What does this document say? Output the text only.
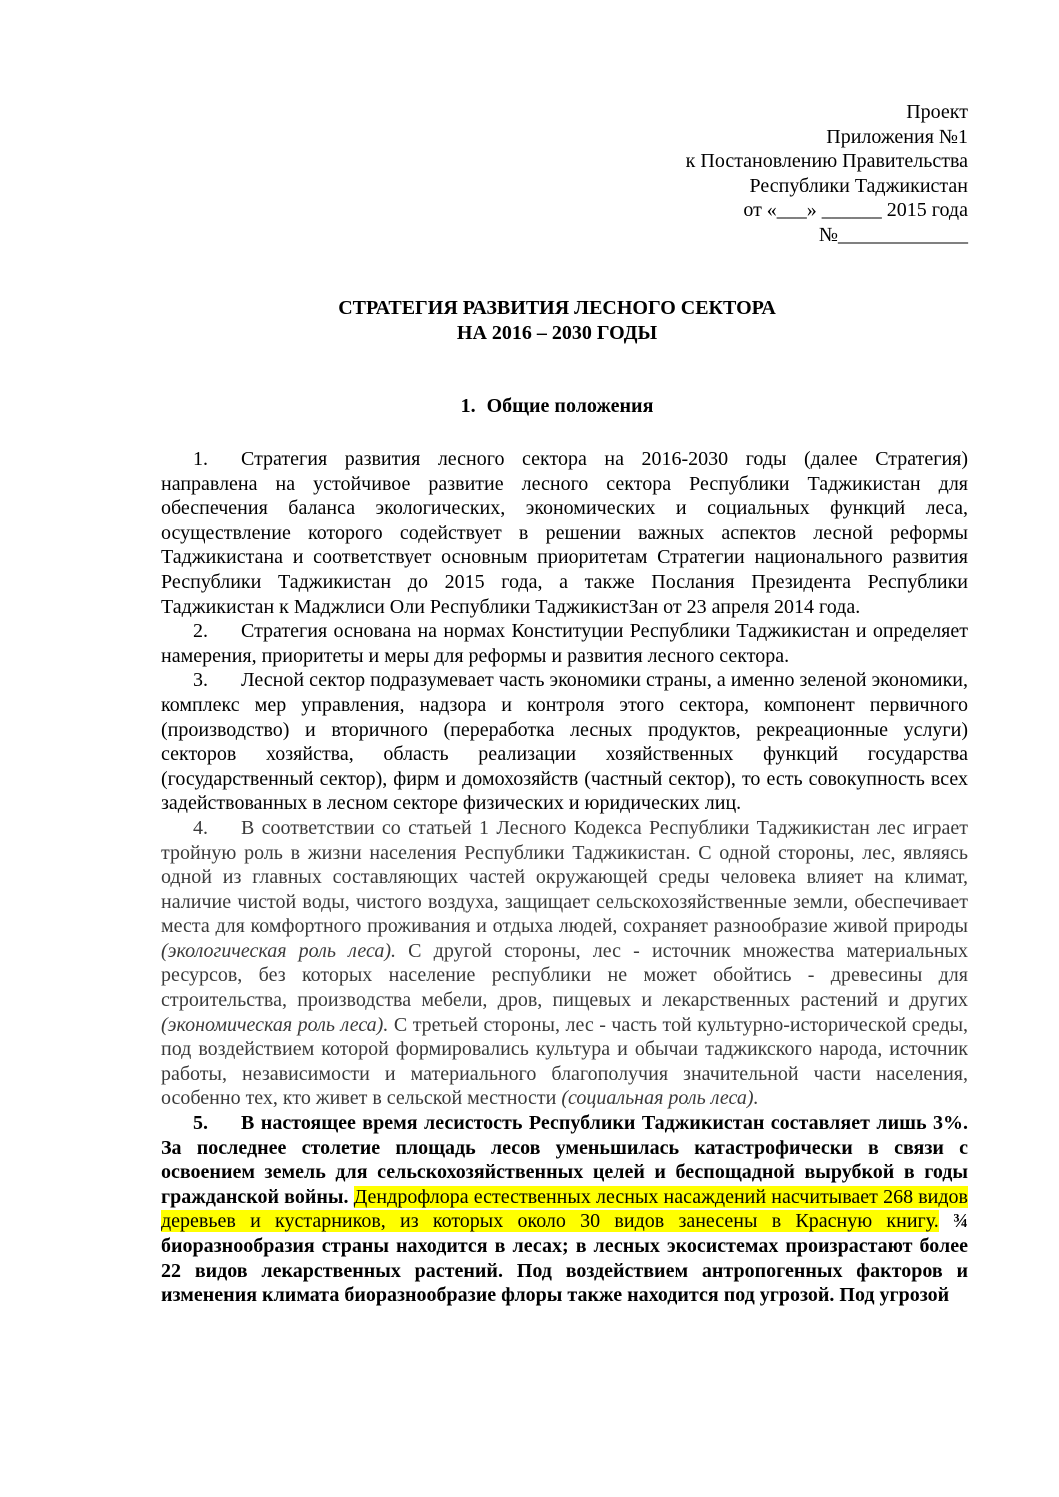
Проект
Приложения №1
к Постановлению Правительства
Республики Таджикистан
от «___» ______ 2015 года
№_____________
СТРАТЕГИЯ РАЗВИТИЯ ЛЕСНОГО СЕКТОРА
НА 2016 – 2030 ГОДЫ
1. Общие положения

1. Стратегия развития лесного сектора на 2016-2030 годы (далее Стратегия) направлена на устойчивое развитие лесного сектора Республики Таджикистан для обеспечения баланса экологических, экономических и социальных функций леса, осуществление которого содействует в решении важных аспектов лесной реформы Таджикистана и соответствует основным приоритетам Стратегии национального развития Республики Таджикистан до 2015 года, а также Послания Президента Республики Таджикистан к Маджлиси Оли Республики ТаджикистЗан от 23 апреля 2014 года.

2. Стратегия основана на нормах Конституции Республики Таджикистан и определяет намерения, приоритеты и меры для реформы и развития лесного сектора.

3. Лесной сектор подразумевает часть экономики страны, а именно зеленой экономики, комплекс мер управления, надзора и контроля этого сектора, компонент первичного (производство) и вторичного (переработка лесных продуктов, рекреационные услуги) секторов хозяйства, область реализации хозяйственных функций государства (государственный сектор), фирм и домохозяйств (частный сектор), то есть совокупность всех задействованных в лесном секторе физических и юридических лиц.

4. В соответствии со статьей 1 Лесного Кодекса Республики Таджикистан лес играет тройную роль в жизни населения Республики Таджикистан. С одной стороны, лес, являясь одной из главных составляющих частей окружающей среды человека влияет на климат, наличие чистой воды, чистого воздуха, защищает сельскохозяйственные земли, обеспечивает места для комфортного проживания и отдыха людей, сохраняет разнообразие живой природы (экологическая роль леса). С другой стороны, лес - источник множества материальных ресурсов, без которых население республики не может обойтись - древесины для строительства, производства мебели, дров, пищевых и лекарственных растений и других (экономическая роль леса). С третьей стороны, лес - часть той культурно-исторической среды, под воздействием которой формировались культура и обычаи таджикского народа, источник работы, независимости и материального благополучия значительной части населения, особенно тех, кто живет в сельской местности (социальная роль леса).

5. В настоящее время лесистость Республики Таджикистан составляет лишь 3%. За последнее столетие площадь лесов уменьшилась катастрофически в связи с освоением земель для сельскохозяйственных целей и беспощадной вырубкой в годы гражданской войны. Дендрофлора естественных лесных насаждений насчитывает 268 видов деревьев и кустарников, из которых около 30 видов занесены в Красную книгу. ¾ биоразнообразия страны находится в лесах; в лесных экосистемах произрастают более 22 видов лекарственных растений. Под воздействием антропогенных факторов и изменения климата биоразнообразие флоры также находится под угрозой. Под угрозой
